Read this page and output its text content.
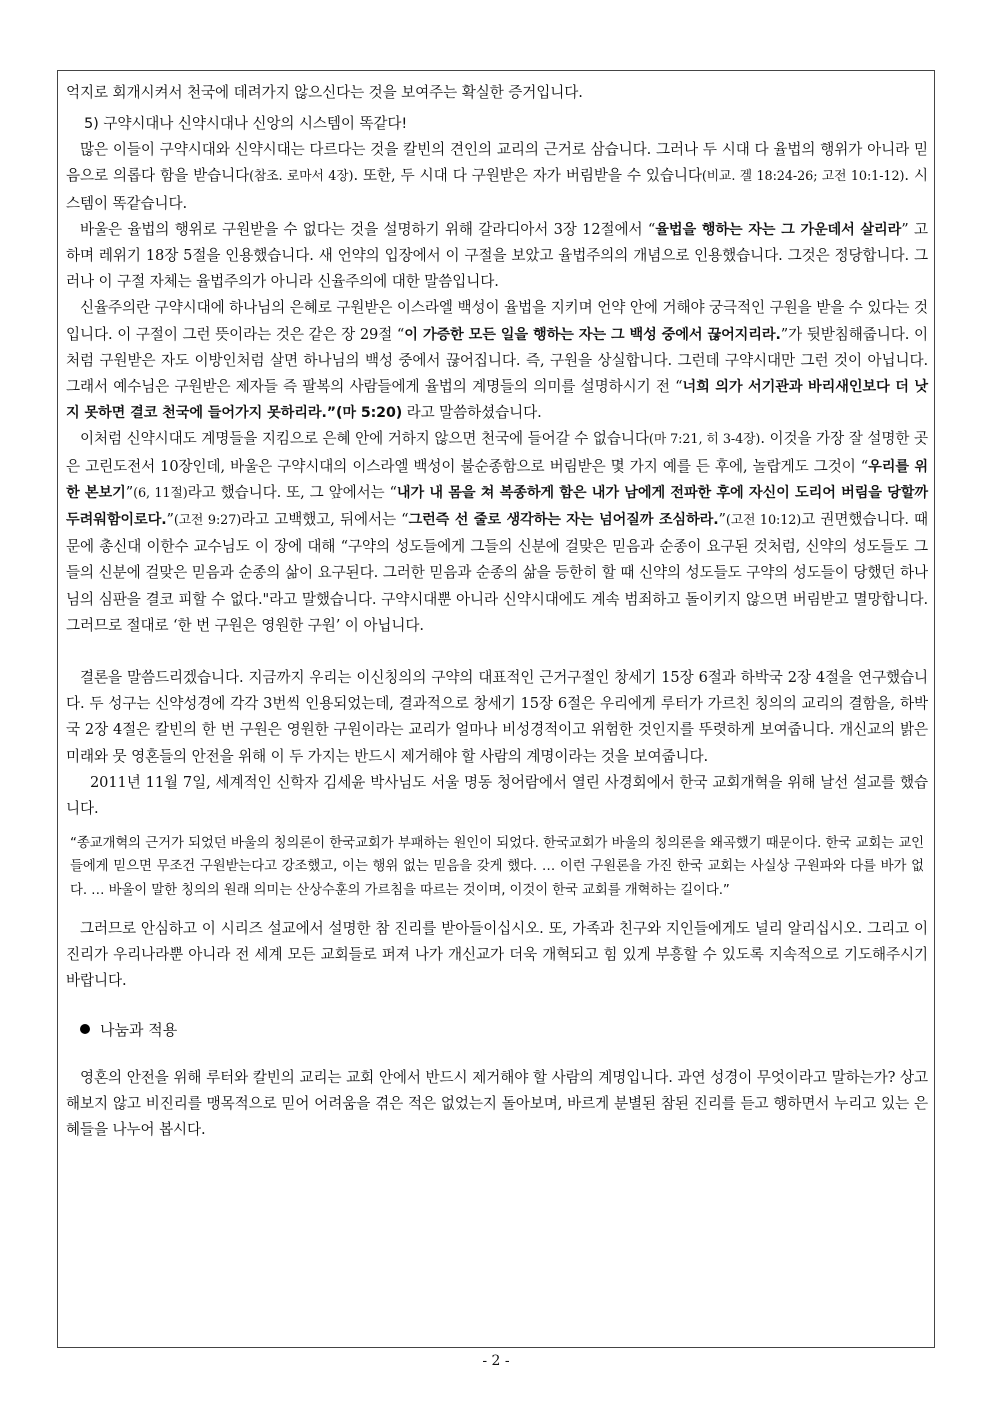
억지로 회개시켜서 천국에 데려가지 않으신다는 것을 보여주는 확실한 증거입니다.

5) 구약시대나 신약시대나 신앙의 시스템이 똑같다!

많은 이들이 구약시대와 신약시대는 다르다는 것을 칼빈의 견인의 교리의 근거로 삼습니다. 그러나 두 시대 다 율법의 행위가 아니라 믿음으로 의롭다 함을 받습니다(참조. 로마서 4장). 또한, 두 시대 다 구원받은 자가 버림받을 수 있습니다(비교. 겔 18:24-26; 고전 10:1-12). 시스템이 똑같습니다.

바울은 율법의 행위로 구원받을 수 없다는 것을 설명하기 위해 갈라디아서 3장 12절에서 “율법을 행하는 자는 그 가운데서 살리라” 고 하며 레위기 18장 5절을 인용했습니다. 새 언약의 입장에서 이 구절을 보았고 율법주의의 개념으로 인용했습니다. 그것은 정당합니다. 그러나 이 구절 자체는 율법주의가 아니라 신율주의에 대한 말씀입니다.

신율주의란 구약시대에 하나님의 은혜로 구원받은 이스라엘 백성이 율법을 지키며 언약 안에 거해야 궁극적인 구원을 받을 수 있다는 것입니다. 이 구절이 그런 뜻이라는 것은 같은 장 29절 “이 가증한 모든 일을 행하는 자는 그 백성 중에서 끊어지리라.”가 뒷받침해줍니다. 이처럼 구원받은 자도 이방인처럼 살면 하나님의 백성 중에서 끊어집니다. 즉, 구원을 상실합니다. 그런데 구약시대만 그런 것이 아닙니다. 그래서 예수님은 구원받은 제자들 즉 팔복의 사람들에게 율법의 계명들의 의미를 설명하시기 전 “너희 의가 서기관과 바리새인보다 더 낫지 못하면 결코 천국에 들어가지 못하리라.”(마 5:20) 라고 말씀하셨습니다.

이처럼 신약시대도 계명들을 지킴으로 은혜 안에 거하지 않으면 천국에 들어갈 수 없습니다(마 7:21, 히 3-4장). 이것을 가장 잘 설명한 곳은 고린도전서 10장인데, 바울은 구약시대의 이스라엘 백성이 불순종함으로 버림받은 몇 가지 예를 든 후에, 놀랍게도 그것이 “우리를 위한 본보기”(6, 11절)라고 했습니다. 또, 그 앞에서는 “내가 내 몸을 쳐 복종하게 함은 내가 남에게 전파한 후에 자신이 도리어 버림을 당할까 두려워함이로다.”(고전 9:27)라고 고백했고, 뒤에서는 “그런즉 선 줄로 생각하는 자는 넘어질까 조심하라.”(고전 10:12)고 권면했습니다. 때문에 총신대 이한수 교수님도 이 장에 대해 “구약의 성도들에게 그들의 신분에 걸맞은 믿음과 순종이 요구된 것처럼, 신약의 성도들도 그들의 신분에 걸맞은 믿음과 순종의 삶이 요구된다. 그러한 믿음과 순종의 삶을 등한히 할 때 신약의 성도들도 구약의 성도들이 당했던 하나님의 심판을 결코 피할 수 없다."라고 말했습니다. 구약시대뿐 아니라 신약시대에도 계속 범죄하고 돌이키지 않으면 버림받고 멸망합니다. 그러므로 절대로 ‘한 번 구원은 영원한 구원’ 이 아닙니다.

결론을 말씀드리겠습니다. 지금까지 우리는 이신칭의의 구약의 대표적인 근거구절인 창세기 15장 6절과 하박국 2장 4절을 연구했습니다. 두 성구는 신약성경에 각각 3번씩 인용되었는데, 결과적으로 창세기 15장 6절은 우리에게 루터가 가르친 칭의의 교리의 결함을, 하박국 2장 4절은 칼빈의 한 번 구원은 영원한 구원이라는 교리가 얼마나 비성경적이고 위험한 것인지를 뚜렷하게 보여줍니다. 개신교의 밝은 미래와 뭇 영혼들의 안전을 위해 이 두 가지는 반드시 제거해야 할 사람의 계명이라는 것을 보여줍니다.

2011년 11월 7일, 세계적인 신학자 김세윤 박사님도 서울 명동 청어람에서 열린 사경회에서 한국 교회개혁을 위해 날선 설교를 했습니다.

“종교개혁의 근거가 되었던 바울의 칭의론이 한국교회가 부패하는 원인이 되었다. 한국교회가 바울의 칭의론을 왜곡했기 때문이다. 한국 교회는 교인들에게 믿으면 무조건 구원받는다고 강조했고, 이는 행위 없는 믿음을 갖게 했다. … 이런 구원론을 가진 한국 교회는 사실상 구원파와 다를 바가 없다. … 바울이 말한 칭의의 원래 의미는 산상수훈의 가르침을 따르는 것이며, 이것이 한국 교회를 개혁하는 길이다.”

그러므로 안심하고 이 시리즈 설교에서 설명한 참 진리를 받아들이십시오. 또, 가족과 친구와 지인들에게도 널리 알리십시오. 그리고 이 진리가 우리나라뿐 아니라 전 세계 모든 교회들로 퍼져 나가 개신교가 더욱 개혁되고 힘 있게 부흥할 수 있도록 지속적으로 기도해주시기 바랍니다.

나눔과 적용

영혼의 안전을 위해 루터와 칼빈의 교리는 교회 안에서 반드시 제거해야 할 사람의 계명입니다. 과연 성경이 무엇이라고 말하는가? 상고해보지 않고 비진리를 맹목적으로 믿어 어려움을 겪은 적은 없었는지 돌아보며, 바르게 분별된 참된 진리를 듣고 행하면서 누리고 있는 은혜들을 나누어 봅시다.

- 2 -
